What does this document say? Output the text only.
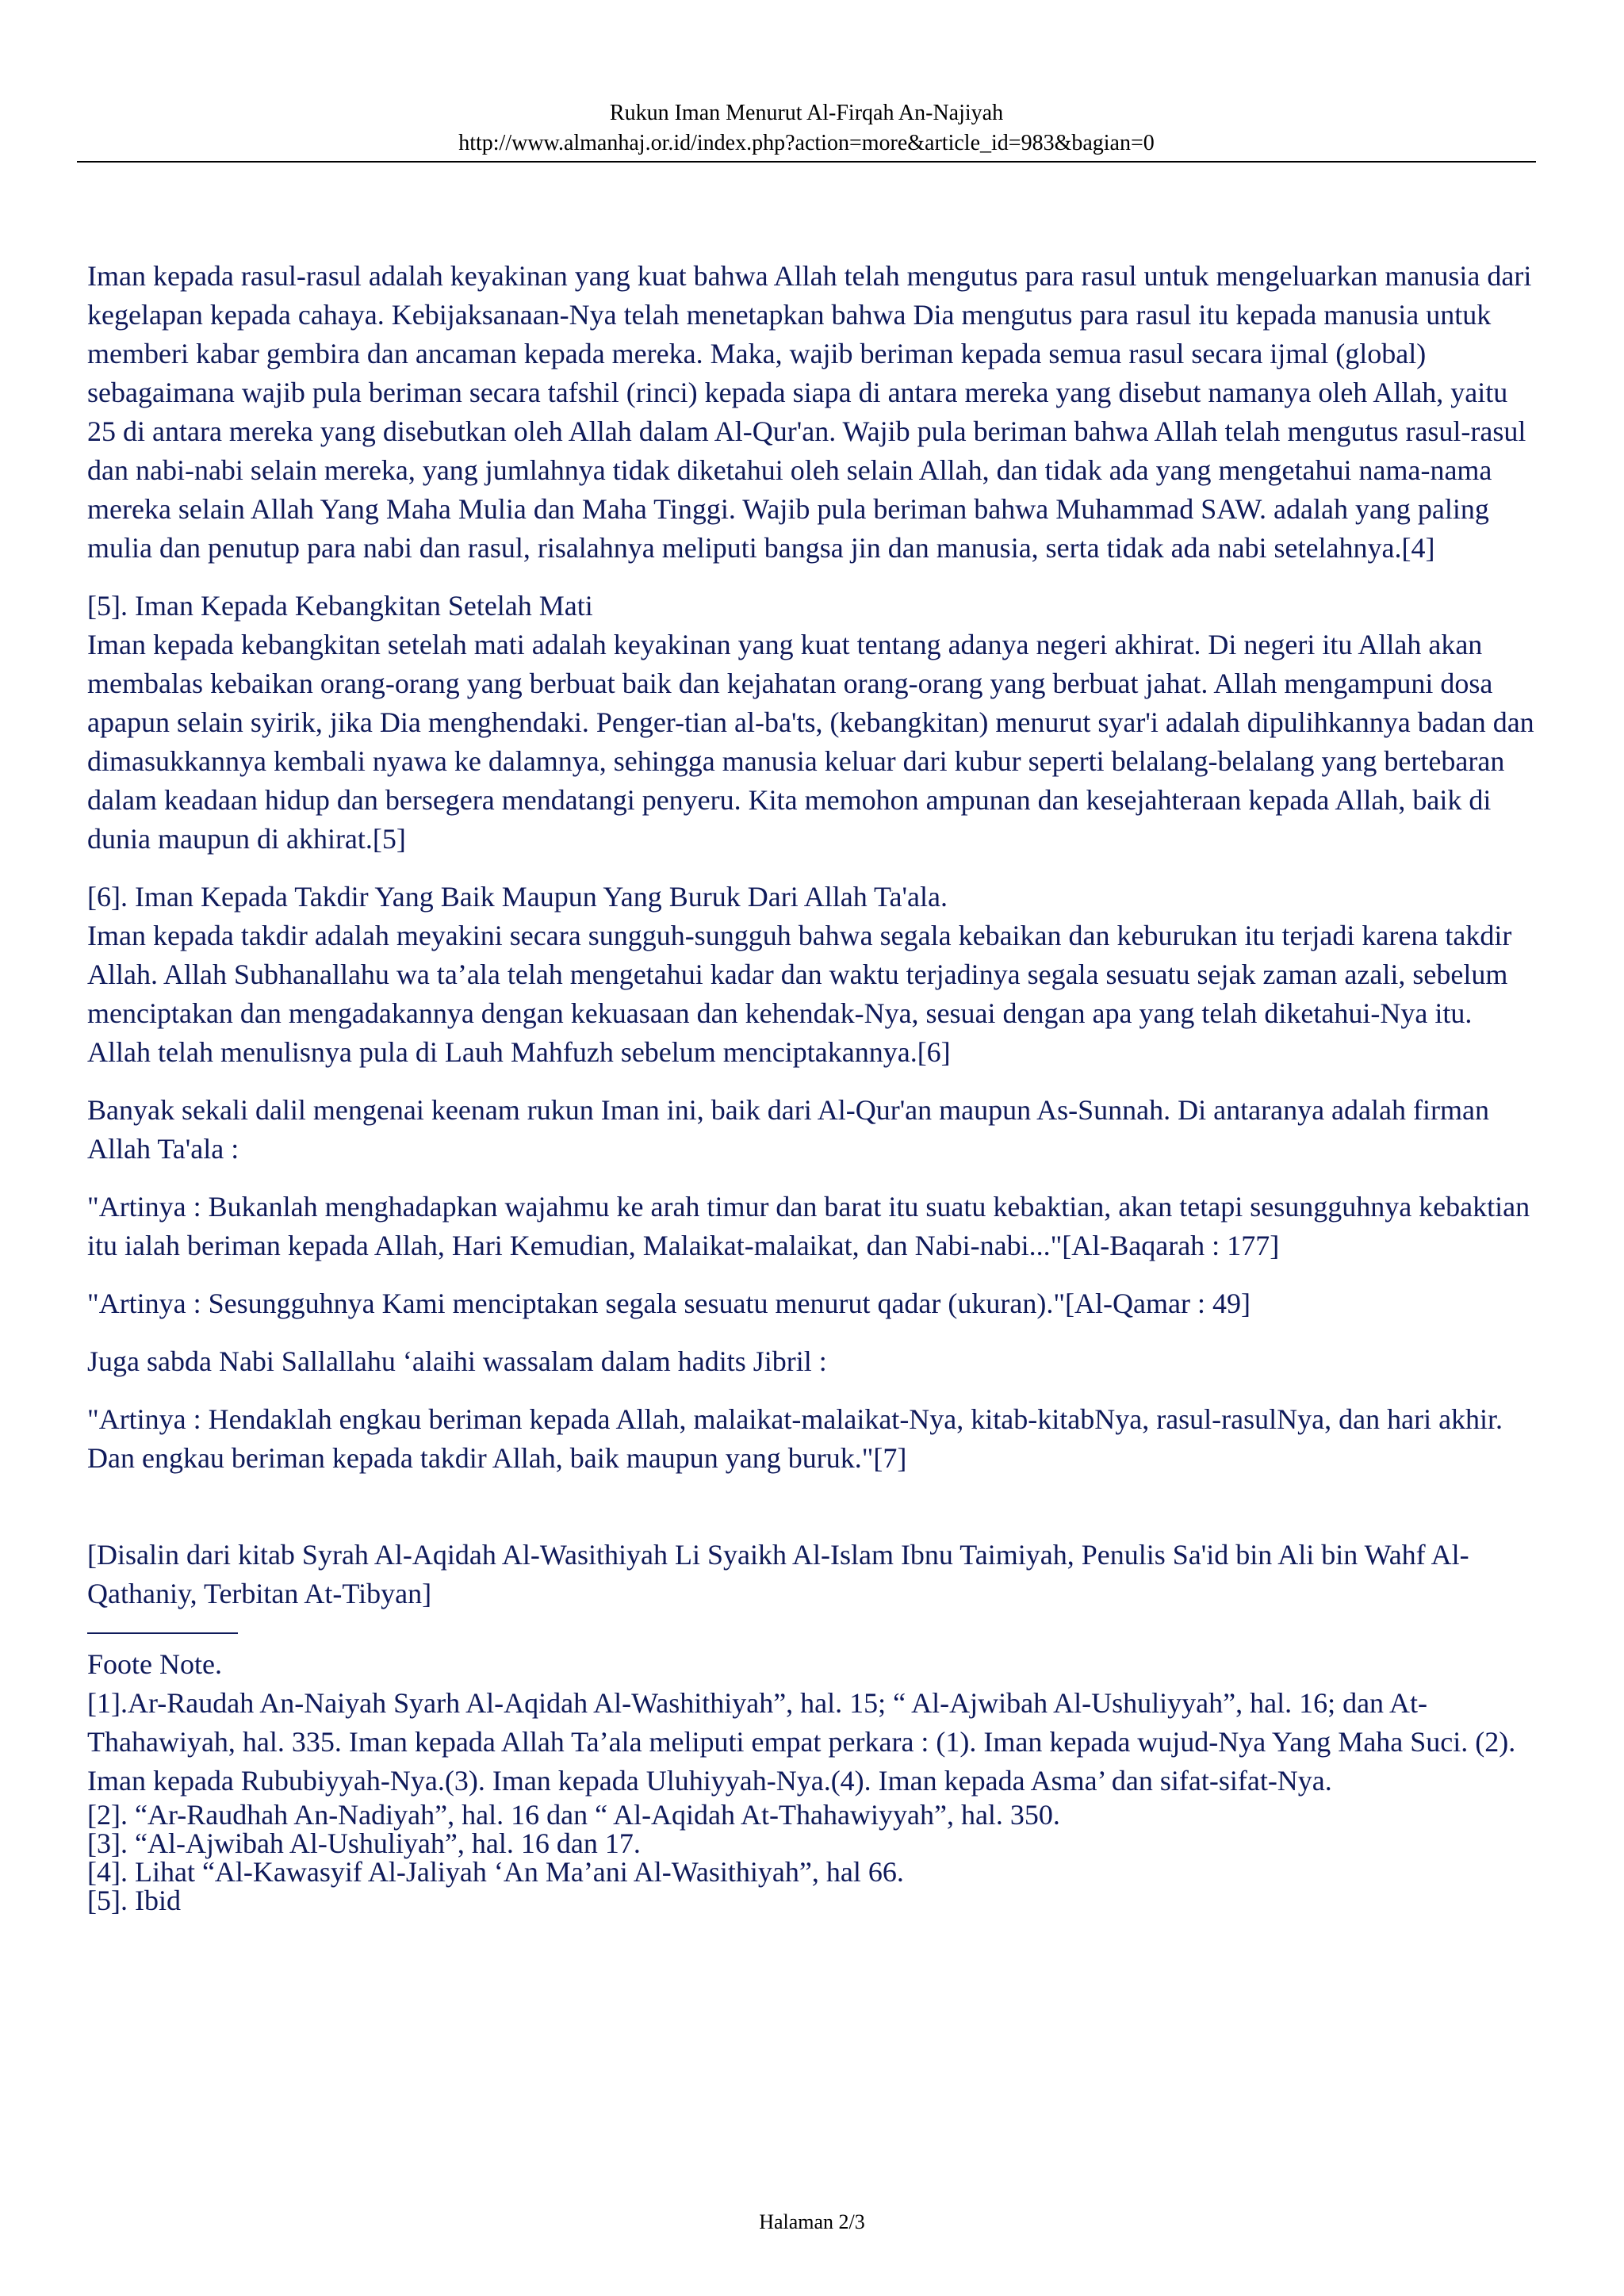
Rukun Iman Menurut Al-Firqah An-Najiyah
http://www.almanhaj.or.id/index.php?action=more&article_id=983&bagian=0

Iman kepada rasul-rasul adalah keyakinan yang kuat bahwa Allah telah mengutus para rasul untuk mengeluarkan manusia dari kegelapan kepada cahaya. Kebijaksanaan-Nya telah menetapkan bahwa Dia mengutus para rasul itu kepada manusia untuk memberi kabar gembira dan ancaman kepada mereka. Maka, wajib beriman kepada semua rasul secara ijmal (global) sebagaimana wajib pula beriman secara tafshil (rinci) kepada siapa di antara mereka yang disebut namanya oleh Allah, yaitu 25 di antara mereka yang disebutkan oleh Allah dalam Al-Qur'an. Wajib pula beriman bahwa Allah telah mengutus rasul-rasul dan nabi-nabi selain mereka, yang jumlahnya tidak diketahui oleh selain Allah, dan tidak ada yang mengetahui nama-nama mereka selain Allah Yang Maha Mulia dan Maha Tinggi. Wajib pula beriman bahwa Muhammad SAW. adalah yang paling mulia dan penutup para nabi dan rasul, risalahnya meliputi bangsa jin dan manusia, serta tidak ada nabi setelahnya.[4]

[5]. Iman Kepada Kebangkitan Setelah Mati

Iman kepada kebangkitan setelah mati adalah keyakinan yang kuat tentang adanya negeri akhirat. Di negeri itu Allah akan membalas kebaikan orang-orang yang berbuat baik dan kejahatan orang-orang yang berbuat jahat. Allah mengampuni dosa apapun selain syirik, jika Dia menghendaki. Penger-tian al-ba'ts, (kebangkitan) menurut syar'i adalah dipulihkannya badan dan dimasukkannya kembali nyawa ke dalamnya, sehingga manusia keluar dari kubur seperti belalang-belalang yang bertebaran dalam keadaan hidup dan bersegera mendatangi penyeru. Kita memohon ampunan dan kesejahteraan kepada Allah, baik di dunia maupun di akhirat.[5]

[6]. Iman Kepada Takdir Yang Baik Maupun Yang Buruk Dari Allah Ta'ala.

Iman kepada takdir adalah meyakini secara sungguh-sungguh bahwa segala kebaikan dan keburukan itu terjadi karena takdir Allah. Allah Subhanallahu wa ta’ala telah mengetahui kadar dan waktu terjadinya segala sesuatu sejak zaman azali, sebelum menciptakan dan mengadakannya dengan kekuasaan dan kehendak-Nya, sesuai dengan apa yang telah diketahui-Nya itu. Allah telah menulisnya pula di Lauh Mahfuzh sebelum menciptakannya.[6]

Banyak sekali dalil mengenai keenam rukun Iman ini, baik dari Al-Qur'an maupun As-Sunnah. Di antaranya adalah firman Allah Ta'ala :

"Artinya : Bukanlah menghadapkan wajahmu ke arah timur dan barat itu suatu kebaktian, akan tetapi sesungguhnya kebaktian itu ialah beriman kepada Allah, Hari Kemudian, Malaikat-malaikat, dan Nabi-nabi..."[Al-Baqarah : 177]

"Artinya : Sesungguhnya Kami menciptakan segala sesuatu menurut qadar (ukuran)."[Al-Qamar : 49]

Juga sabda Nabi Sallallahu ‘alaihi wassalam dalam hadits Jibril :

"Artinya : Hendaklah engkau beriman kepada Allah, malaikat-malaikat-Nya, kitab-kitabNya, rasul-rasulNya, dan hari akhir. Dan engkau beriman kepada takdir Allah, baik maupun yang buruk."[7]

[Disalin dari kitab Syrah Al-Aqidah Al-Wasithiyah Li Syaikh Al-Islam Ibnu Taimiyah, Penulis Sa'id bin Ali bin Wahf Al-Qathaniy, Terbitan At-Tibyan]

Foote Note.

[1].Ar-Raudah An-Naiyah Syarh Al-Aqidah Al-Washithiyah”, hal. 15; “ Al-Ajwibah Al-Ushuliyyah”, hal. 16; dan At-Thahawiyah, hal. 335. Iman kepada Allah Ta’ala meliputi empat perkara : (1). Iman kepada wujud-Nya Yang Maha Suci. (2). Iman kepada Rububiyyah-Nya.(3). Iman kepada Uluhiyyah-Nya.(4). Iman kepada Asma’ dan sifat-sifat-Nya.

[2]. “Ar-Raudhah An-Nadiyah”, hal. 16 dan “ Al-Aqidah At-Thahawiyyah”, hal. 350.

[3]. “Al-Ajwibah Al-Ushuliyah”, hal. 16 dan 17.

[4]. Lihat “Al-Kawasyif Al-Jaliyah ‘An Ma’ani Al-Wasithiyah”, hal 66.

[5]. Ibid

Halaman 2/3
